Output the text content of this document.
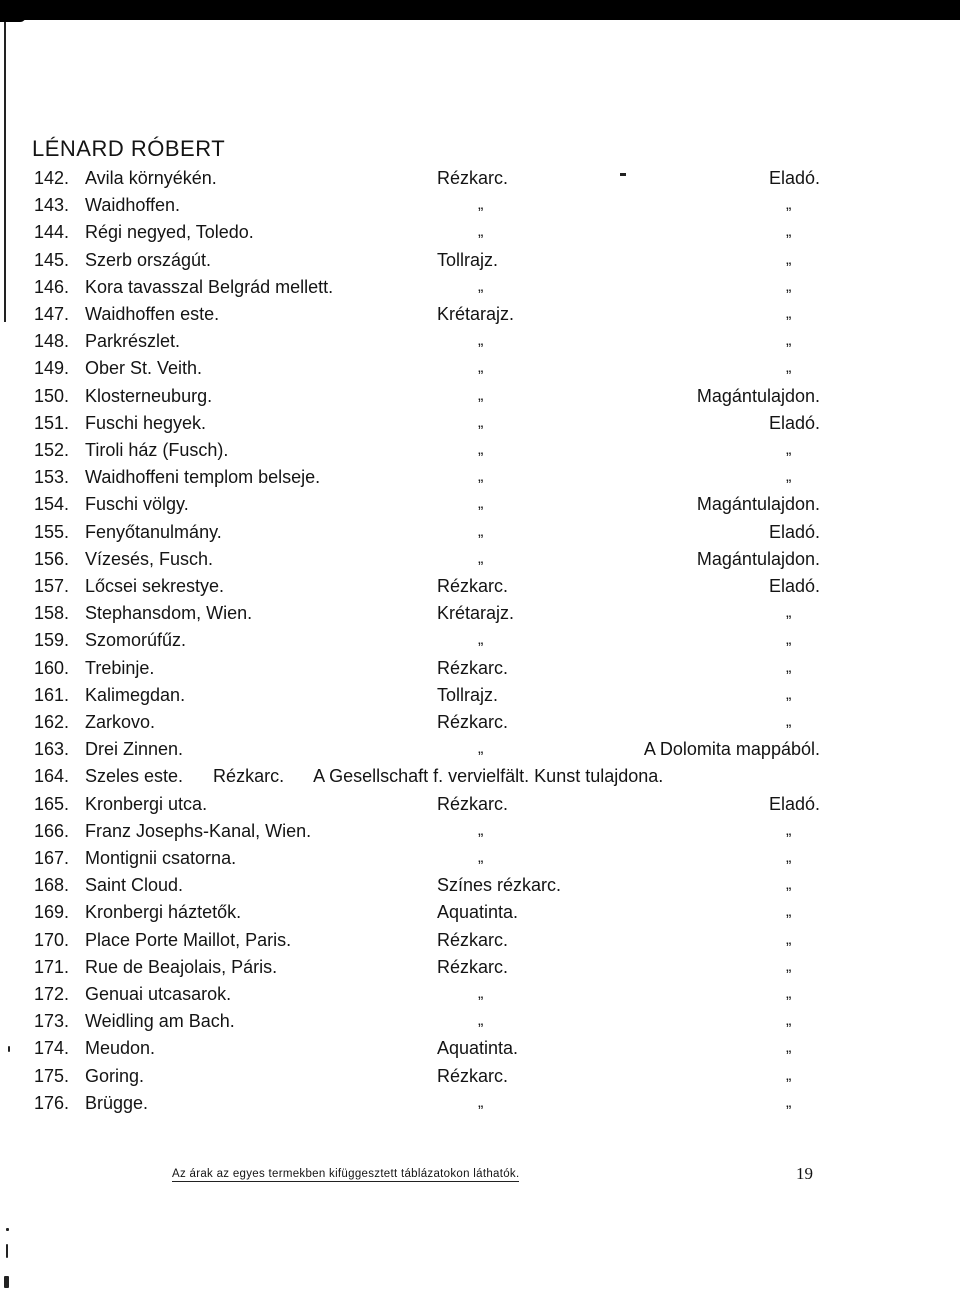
LÉNARD RÓBERT
142. Avila környékén.	Rézkarc.	Eladó.
143. Waidhoffen.	„	„
144. Régi negyed, Toledo.	„	„
145. Szerb országút.	Tollrajz.	„
146. Kora tavasszal Belgrád mellett.	„	„
147. Waidhoffen este.	Krétarajz.	„
148. Parkrészlet.	„	„
149. Ober St. Veith.	„	„
150. Klosterneuburg.	„	Magántulajdon.
151. Fuschi hegyek.	„	Eladó.
152. Tiroli ház (Fusch).	„	„
153. Waidhoffeni templom belseje.	„	„
154. Fuschi völgy.	„	Magántulajdon.
155. Fenyőtanulmány.	„	Eladó.
156. Vízesés, Fusch.	„	Magántulajdon.
157. Lőcsei sekrestye.	Rézkarc.	Eladó.
158. Stephansdom, Wien.	Krétarajz.	„
159. Szomorúfűz.	„	„
160. Trebinje.	Rézkarc.	„
161. Kalimegdan.	Tollrajz.	„
162. Zarkovo.	Rézkarc.	„
163. Drei Zinnen.	„	A Dolomita mappából.
164. Szeles este.      Rézkarc.      A Gesellschaft f. vervielfält. Kunst tulajdona.
165. Kronbergi utca.	Rézkarc.	Eladó.
166. Franz Josephs-Kanal, Wien.	„	„
167. Montignii csatorna.	„	„
168. Saint Cloud.	Színes rézkarc.	„
169. Kronbergi háztetők.	Aquatinta.	„
170. Place Porte Maillot, Paris.	Rézkarc.	„
171. Rue de Beajolais, Páris.	Rézkarc.	„
172. Genuai utcasarok.	„	„
173. Weidling am Bach.	„	„
174. Meudon.	Aquatinta.	„
175. Goring.	Rézkarc.	„
176. Brügge.	„	„
Az árak az egyes termekben kifüggesztett táblázatokon láthatók.	19
